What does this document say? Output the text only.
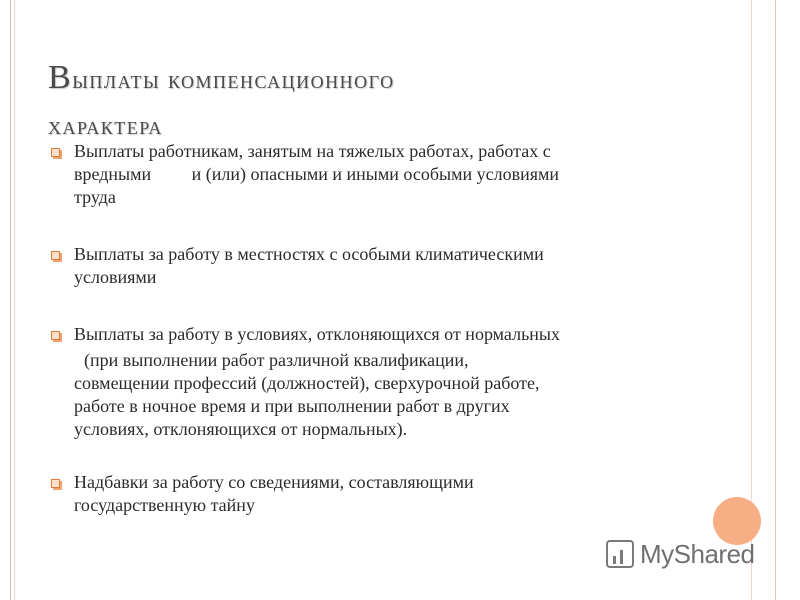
Выплаты компенсационного
характера
Выплаты работникам, занятым на тяжелых работах, работах с
вредными         и (или) опасными и иными особыми условиями
труда
Выплаты за работу в местностях с особыми климатическими
условиями
Выплаты за работу в условиях, отклоняющихся от нормальных
(при выполнении работ различной квалификации,
совмещении профессий (должностей), сверхурочной работе,
работе в ночное время и при выполнении работ в других
условиях, отклоняющихся от нормальных).
Надбавки за работу со сведениями, составляющими
государственную тайну
MyShared
